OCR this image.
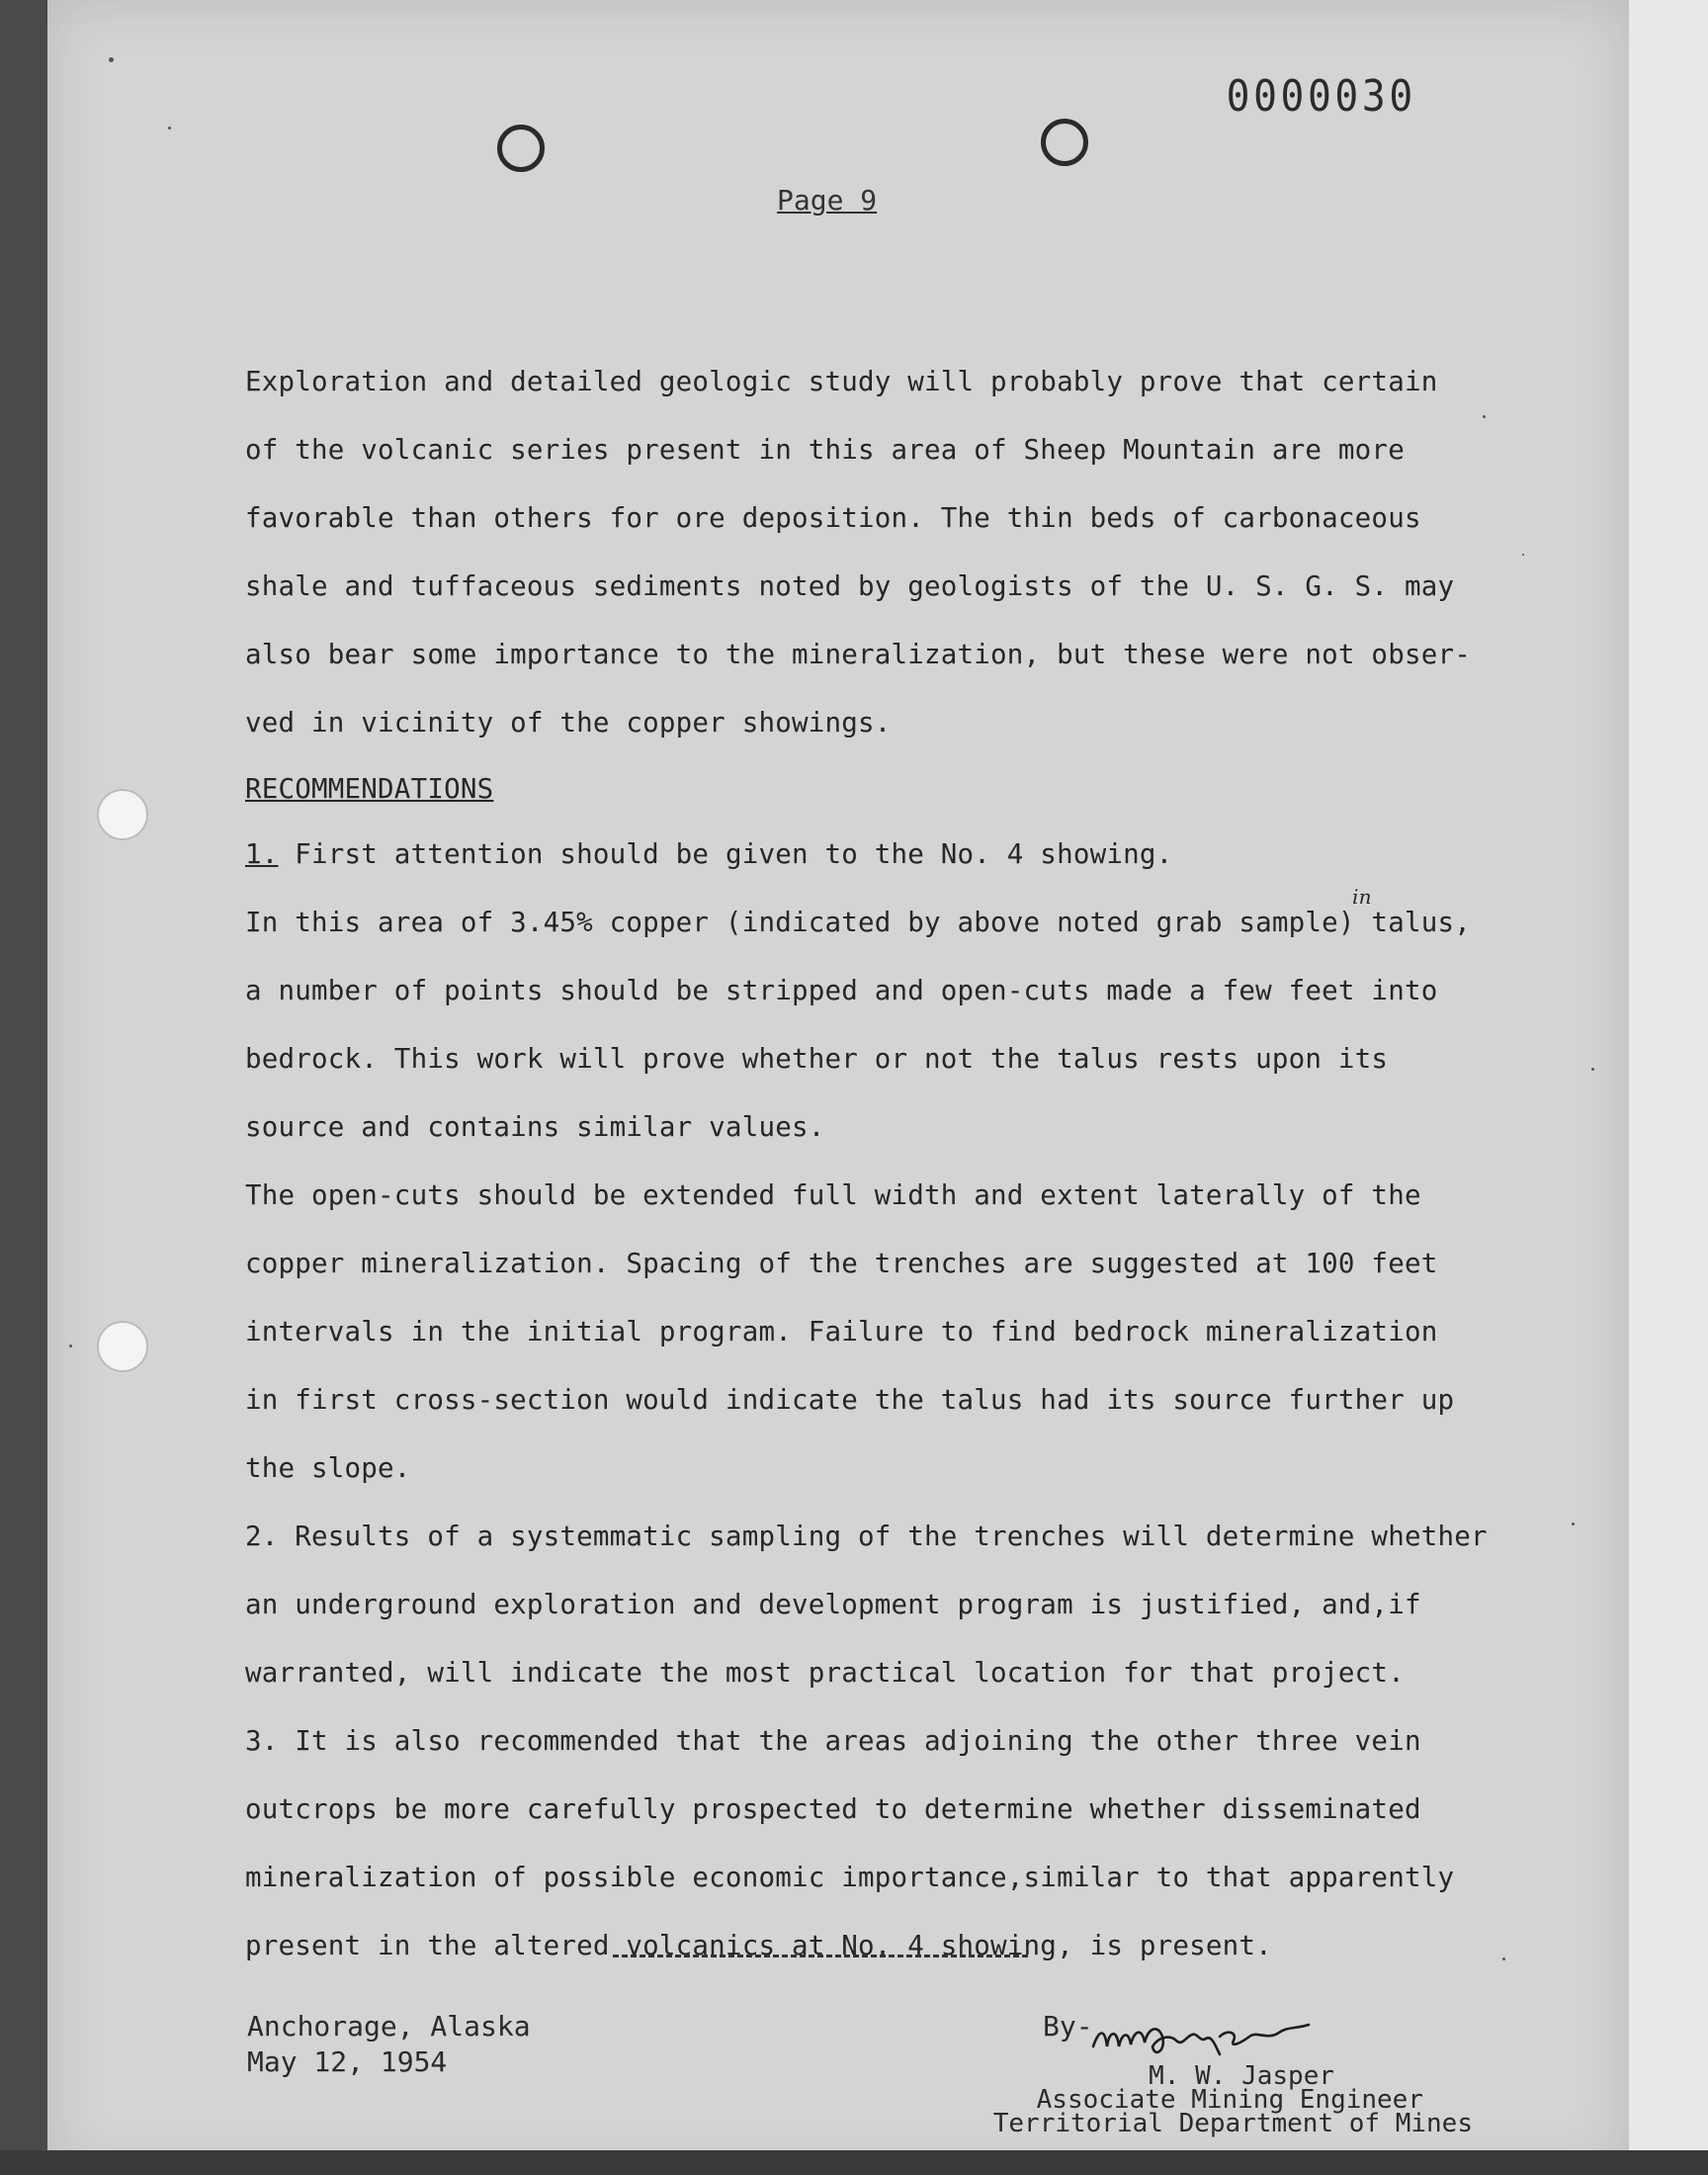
0000030
Page 9

Exploration and detailed geologic study will probably prove that certain

of the volcanic series present in this area of Sheep Mountain are more

favorable than others for ore deposition. The thin beds of carbonaceous

shale and tuffaceous sediments noted by geologists of the U. S. G. S. may

also bear some importance to the mineralization, but these were not obser-

ved in vicinity of the copper showings.

RECOMMENDATIONS

1. First attention should be given to the No. 4 showing.

In this area of 3.45% copper (indicated by above noted grab sample) talus,
in

a number of points should be stripped and open-cuts made a few feet into

bedrock. This work will prove whether or not the talus rests upon its

source and contains similar values.

The open-cuts should be extended full width and extent laterally of the

copper mineralization. Spacing of the trenches are suggested at 100 feet

intervals in the initial program. Failure to find bedrock mineralization

in first cross-section would indicate the talus had its source further up

the slope.

2. Results of a systemmatic sampling of the trenches will determine whether

an underground exploration and development program is justified, and,if

warranted, will indicate the most practical location for that project.

3. It is also recommended that the areas adjoining the other three vein

outcrops be more carefully prospected to determine whether disseminated

mineralization of possible economic importance,similar to that apparently

present in the altered volcanics at No. 4 showing, is present.

Anchorage, Alaska
May 12, 1954
By-
M. W. Jasper
Associate Mining Engineer
Territorial Department of Mines
